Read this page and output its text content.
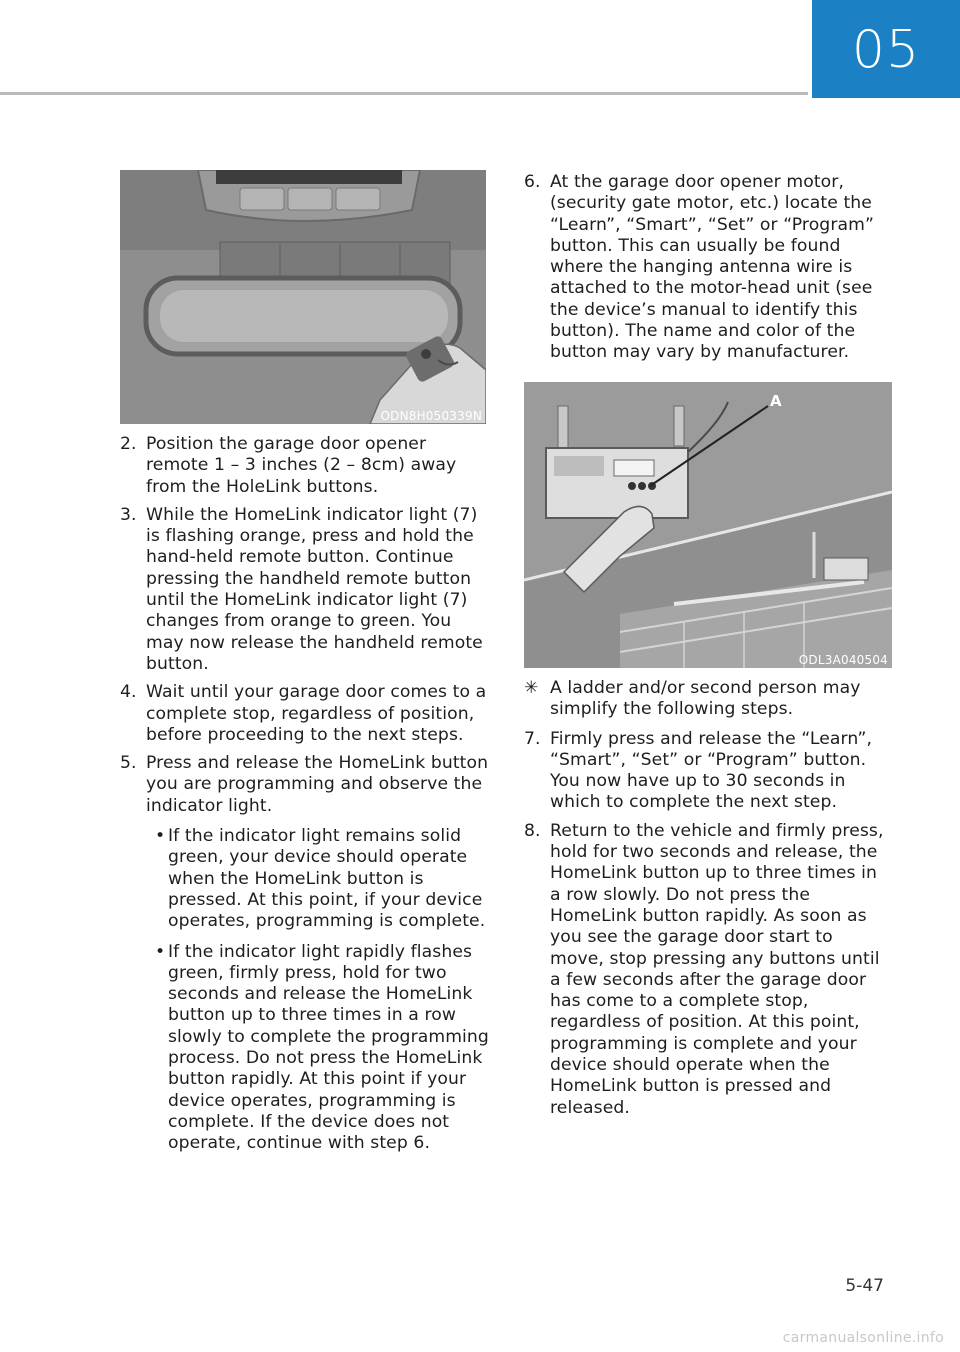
05
ODN8H050339N
2. Position the garage door opener remote 1 – 3 inches (2 – 8cm) away from the HoleLink buttons.
3. While the HomeLink indicator light (7) is flashing orange, press and hold the hand-held remote button. Continue pressing the handheld remote button until the HomeLink indicator light (7) changes from orange to green. You may now release the handheld remote button.
4. Wait until your garage door comes to a complete stop, regardless of position, before proceeding to the next steps.
5. Press and release the HomeLink button you are programming and observe the indicator light.
• If the indicator light remains solid green, your device should operate when the HomeLink button is pressed. At this point, if your device operates, programming is complete.
• If the indicator light rapidly flashes green, firmly press, hold for two seconds and release the HomeLink button up to three times in a row slowly to complete the programming process. Do not press the HomeLink button rapidly. At this point if your device operates, programming is complete. If the device does not operate, continue with step 6.
6. At the garage door opener motor, (security gate motor, etc.) locate the “Learn”, “Smart”, “Set” or “Program” button. This can usually be found where the hanging antenna wire is attached to the motor-head unit (see the device’s manual to identify this button). The name and color of the button may vary by manufacturer.
A
ODL3A040504
✳ A ladder and/or second person may simplify the following steps.
7. Firmly press and release the “Learn”, “Smart”, “Set” or “Program” button. You now have up to 30 seconds in which to complete the next step.
8. Return to the vehicle and firmly press, hold for two seconds and release, the HomeLink button up to three times in a row slowly. Do not press the HomeLink button rapidly. As soon as you see the garage door start to move, stop pressing any buttons until a few seconds after the garage door has come to a complete stop, regardless of position. At this point, programming is complete and your device should operate when the HomeLink button is pressed and released.
5-47
carmanualsonline.info
